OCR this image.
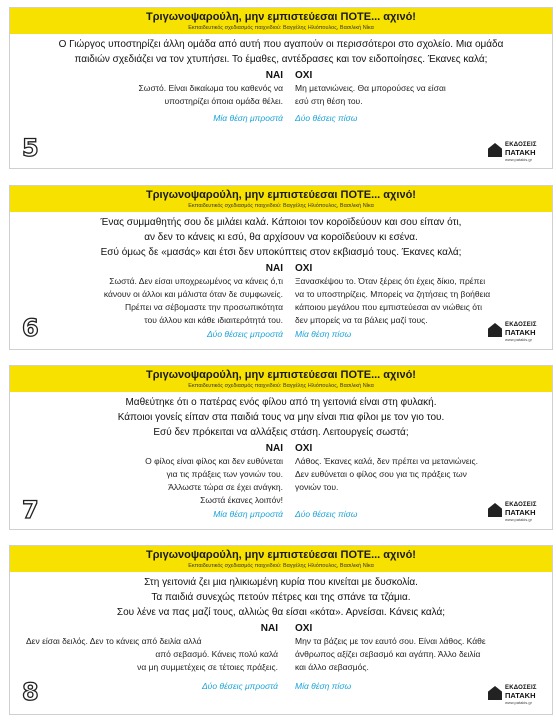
Τριγωνοψαρούλη, μην εμπιστεύεσαι ΠΟΤΕ... αχινό!
Εκπαιδευτικός σχεδιασμός παιχνιδιού: Βαγγέλης Ηλιόπουλος, Βασιλική Νίκα
Ο Γιώργος υποστηρίζει άλλη ομάδα από αυτή που αγαπούν οι περισσότεροι στο σχολείο. Μια ομάδα
παιδιών σχεδιάζει να τον χτυπήσει. Το έμαθες, αντέδρασες και τον ειδοποίησες. Έκανες καλά;
ΝΑΙ
Σωστό. Είναι δικαίωμα του καθενός να
υποστηρίζει όποια ομάδα θέλει.
Μία θέση μπροστά
ΟΧΙ
Μη μετανιώνεις. Θα μπορούσες να είσαι
εσύ στη θέση του.
Δύο θέσεις πίσω
5	ΕΚΔΟΣΕΙΣ
ΠΑΤΑΚΗ
www.patakis.gr
Τριγωνοψαρούλη, μην εμπιστεύεσαι ΠΟΤΕ... αχινό!
Εκπαιδευτικός σχεδιασμός παιχνιδιού: Βαγγέλης Ηλιόπουλος, Βασιλική Νίκα
Ένας συμμαθητής σου δε μιλάει καλά. Κάποιοι τον κοροϊδεύουν και σου είπαν ότι,
αν δεν το κάνεις κι εσύ, θα αρχίσουν να κοροϊδεύουν κι εσένα.
Εσύ όμως δε «μασάς» και έτσι δεν υποκύπτεις στον εκβιασμό τους. Έκανες καλά;
ΝΑΙ
Σωστά. Δεν είσαι υποχρεωμένος να κάνεις ό,τι
κάνουν οι άλλοι και μάλιστα όταν δε συμφωνείς.
Πρέπει να σέβομαστε την προσωπικότητα
του άλλου και κάθε ιδιαιτερότητά του.
Δύο θέσεις μπροστά
ΟΧΙ
Ξανασκέψου το. Όταν ξέρεις ότι έχεις δίκιο, πρέπει
να το υποστηρίζεις. Μπορείς να ζητήσεις τη βοήθεια
κάποιου μεγάλου που εμπιστεύεσαι αν νιώθεις ότι
δεν μπορείς να τα βάλεις μαζί τους.
Μία θέση πίσω
6	ΕΚΔΟΣΕΙΣ
ΠΑΤΑΚΗ
www.patakis.gr
Τριγωνοψαρούλη, μην εμπιστεύεσαι ΠΟΤΕ... αχινό!
Εκπαιδευτικός σχεδιασμός παιχνιδιού: Βαγγέλης Ηλιόπουλος, Βασιλική Νίκα
Μαθεύτηκε ότι ο πατέρας ενός φίλου από τη γειτονιά είναι στη φυλακή.
Κάποιοι γονείς είπαν στα παιδιά τους να μην είναι πια φίλοι με τον γιο του.
Εσύ δεν πρόκειται να αλλάξεις στάση. Λειτουργείς σωστά;
ΝΑΙ
Ο φίλος είναι φίλος και δεν ευθύνεται
για τις πράξεις των γονιών του.
Άλλωστε τώρα σε έχει ανάγκη.
Σωστά έκανες λοιπόν!
Μία θέση μπροστά
ΟΧΙ
Λάθος. Έκανες καλά, δεν πρέπει να μετανιώνεις.
Δεν ευθύνεται ο φίλος σου για τις πράξεις των
γονιών του.
Δύο θέσεις πίσω
7	ΕΚΔΟΣΕΙΣ
ΠΑΤΑΚΗ
www.patakis.gr
Τριγωνοψαρούλη, μην εμπιστεύεσαι ΠΟΤΕ... αχινό!
Εκπαιδευτικός σχεδιασμός παιχνιδιού: Βαγγέλης Ηλιόπουλος, Βασιλική Νίκα
Στη γειτονιά ζει μια ηλικιωμένη κυρία που κινείται με δυσκολία.
Τα παιδιά συνεχώς πετούν πέτρες και της σπάνε τα τζάμια.
Σου λένε να πας μαζί τους, αλλιώς θα είσαι «κότα». Αρνείσαι. Κάνεις καλά;
ΝΑΙ
Δεν είσαι δειλός. Δεν το κάνεις από δειλία αλλά
από σεβασμό. Κάνεις πολύ καλά
να μη συμμετέχεις σε τέτοιες πράξεις.
Δύο θέσεις μπροστά
ΟΧΙ
Μην τα βάζεις με τον εαυτό σου. Είναι λάθος. Κάθε
άνθρωπος αξίζει σεβασμό και αγάπη. Άλλο δειλία
και άλλο σεβασμός.
Μία θέση πίσω
8	ΕΚΔΟΣΕΙΣ
ΠΑΤΑΚΗ
www.patakis.gr
